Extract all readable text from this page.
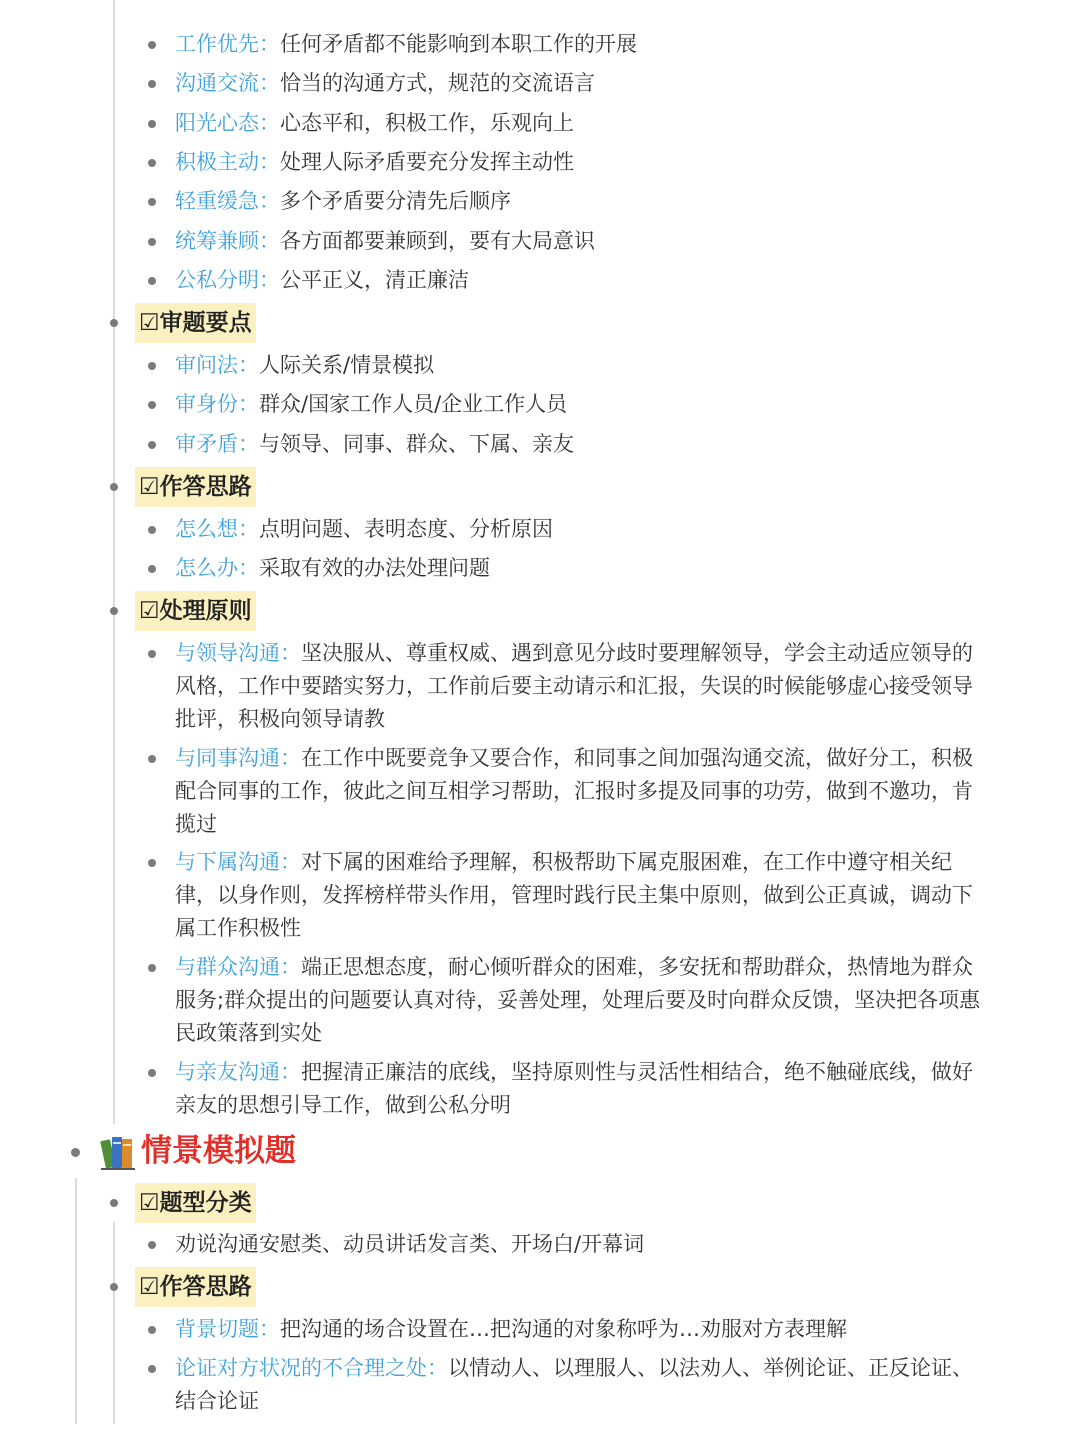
工作优先：任何矛盾都不能影响到本职工作的开展
沟通交流：恰当的沟通方式，规范的交流语言
阳光心态：心态平和，积极工作，乐观向上
积极主动：处理人际矛盾要充分发挥主动性
轻重缓急：多个矛盾要分清先后顺序
统筹兼顾：各方面都要兼顾到，要有大局意识
公私分明：公平正义，清正廉洁
☑审题要点
审问法：人际关系/情景模拟
审身份：群众/国家工作人员/企业工作人员
审矛盾：与领导、同事、群众、下属、亲友
☑作答思路
怎么想：点明问题、表明态度、分析原因
怎么办：采取有效的办法处理问题
☑处理原则
与领导沟通：坚决服从、尊重权威、遇到意见分歧时要理解领导，学会主动适应领导的
风格，工作中要踏实努力，工作前后要主动请示和汇报，失误的时候能够虚心接受领导
批评，积极向领导请教
与同事沟通：在工作中既要竞争又要合作，和同事之间加强沟通交流，做好分工，积极
配合同事的工作，彼此之间互相学习帮助，汇报时多提及同事的功劳，做到不邀功，肯
揽过
与下属沟通：对下属的困难给予理解，积极帮助下属克服困难，在工作中遵守相关纪
律，以身作则，发挥榜样带头作用，管理时践行民主集中原则，做到公正真诚，调动下
属工作积极性
与群众沟通：端正思想态度，耐心倾听群众的困难，多安抚和帮助群众，热情地为群众
服务;群众提出的问题要认真对待，妥善处理，处理后要及时向群众反馈，坚决把各项惠
民政策落到实处
与亲友沟通：把握清正廉洁的底线，坚持原则性与灵活性相结合，绝不触碰底线，做好
亲友的思想引导工作，做到公私分明
情景模拟题
☑题型分类
劝说沟通安慰类、动员讲话发言类、开场白/开幕词
☑作答思路
背景切题：把沟通的场合设置在…把沟通的对象称呼为…劝服对方表理解
论证对方状况的不合理之处：以情动人、以理服人、以法劝人、举例论证、正反论证、
结合论证
